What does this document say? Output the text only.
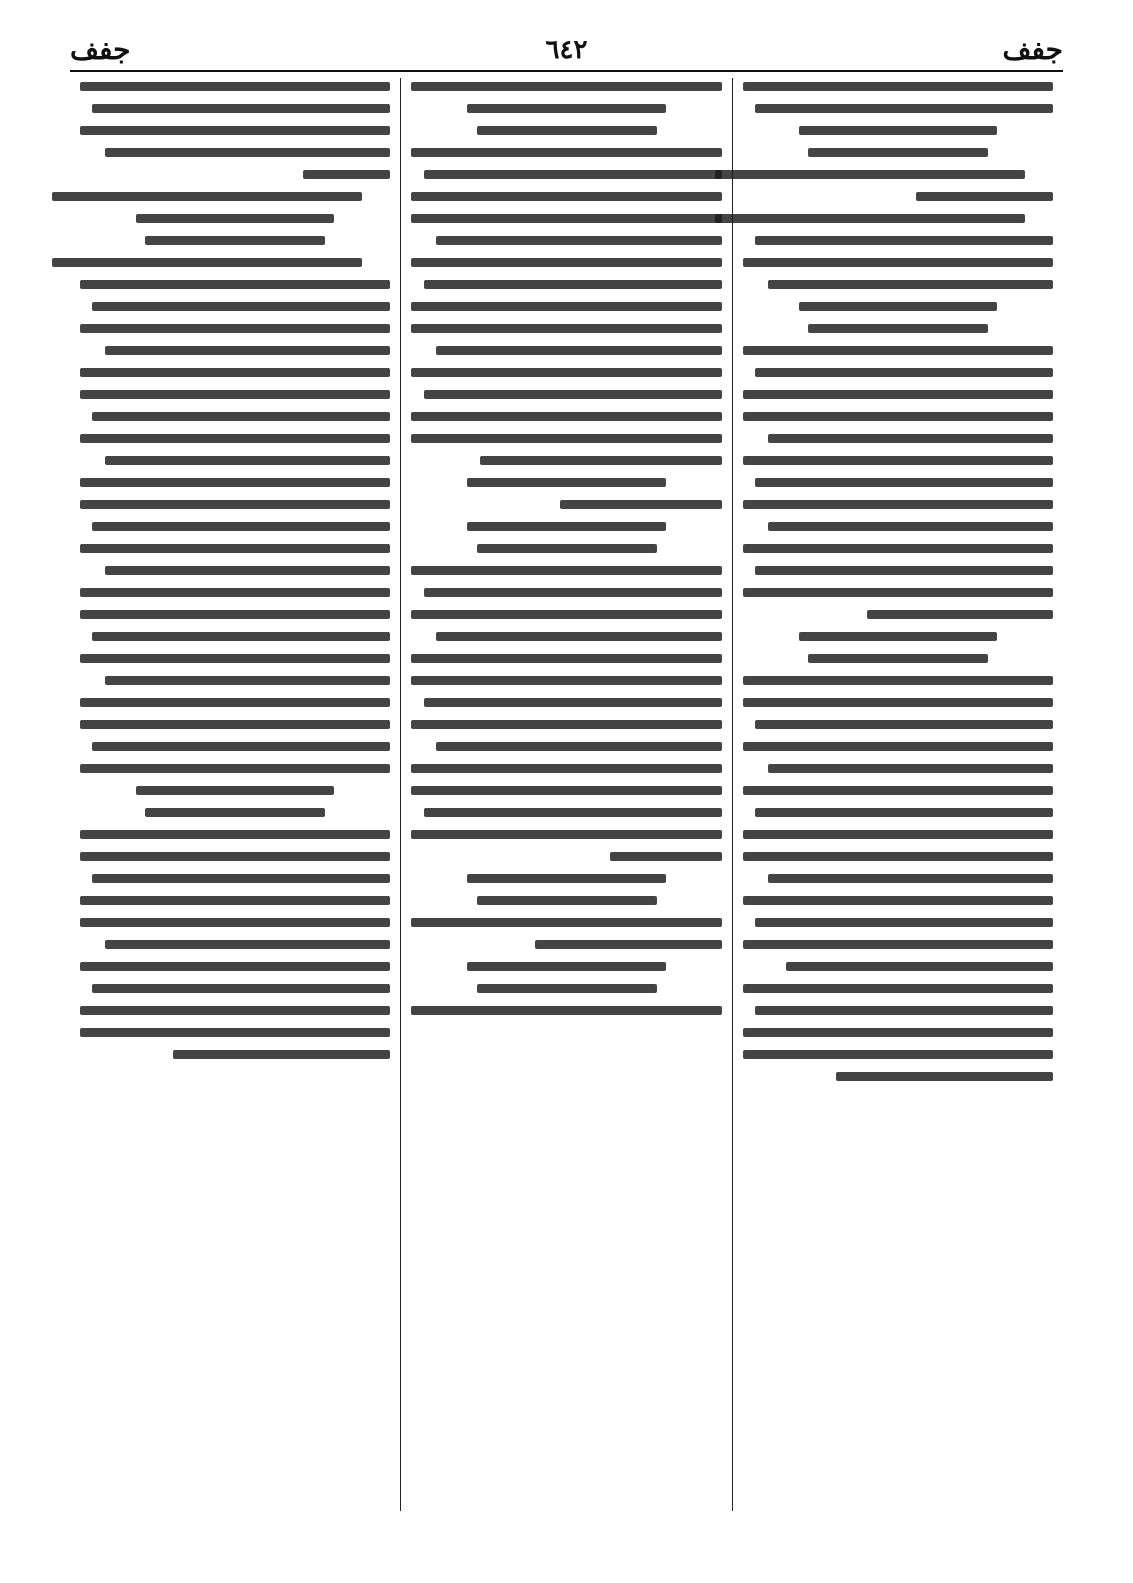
جفف
٦٤٢
جفف
